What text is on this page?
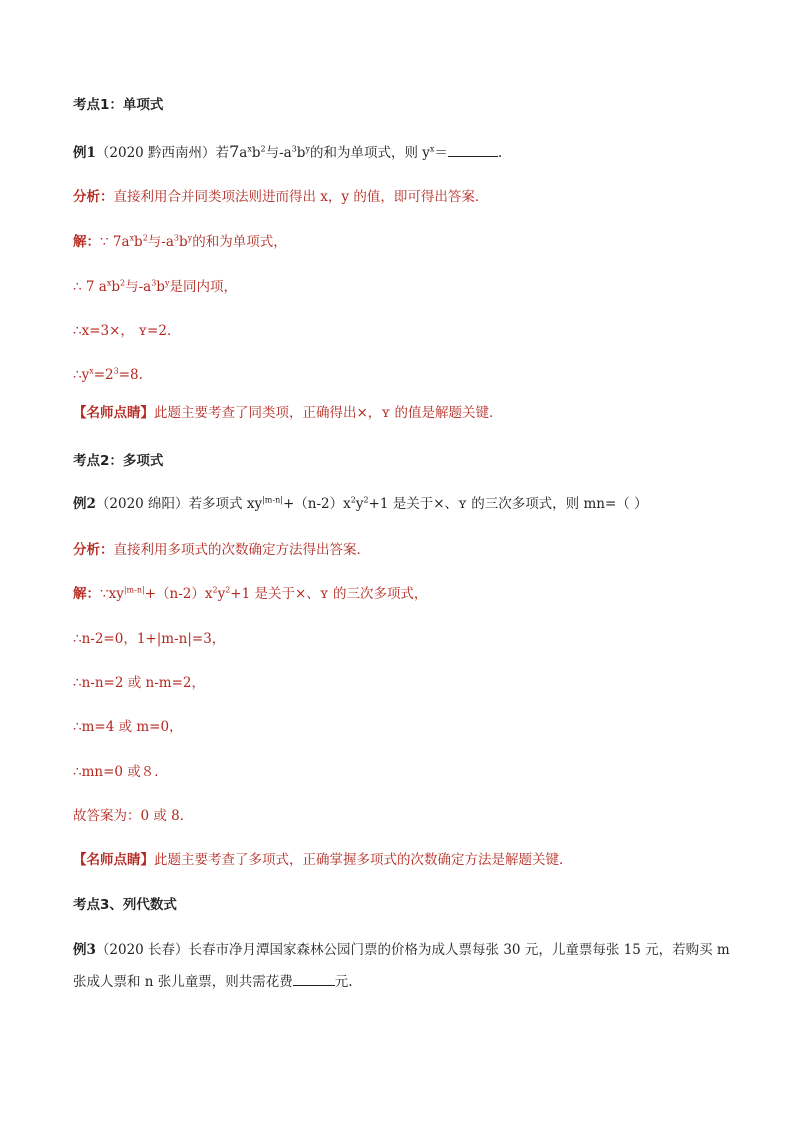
考点1：单项式
例1（2020 黔西南州）若$7a^xb^2$与$-a^3b^y$的和为单项式，则 $y^x=$	.
分析：直接利用合并同类项法则进而得出 x，y 的值，即可得出答案．
解：∵ $7a^xb^2$与$-a^3b^y$的和为单项式，
∴ 7 $a^xb^2$与$-a^3b^y$是同内项，
∴x=3×， ʏ=2．
$\therefore y^x=2^3=8$.
【名师点睛】此题主要考查了同类项，正确得出×，ʏ 的值是解题关键．
考点2：多项式
例2（2020 绵阳）若多项式 $xy^{|m-n|}+(n-2)x^2y^2+1$ 是关于×、ʏ 的三次多项式，则 mn=（ ）
分析：直接利用多项式的次数确定方法得出答案．
解：$\because xy^{|m-n|}+(n-2)x^2y^2+1$ 是关于×、ʏ 的三次多项式，
∴n-2=0，1+|m-n|=3，
∴n-n=2 或 n-m=2，
∴m=4 或 m=0，
∴mn=0 或８．
故答案为：0 或 8．
【名师点睛】此题主要考查了多项式，正确掌握多项式的次数确定方法是解题关键．
考点3、列代数式
例3（2020 长春）长春市净月潭国家森林公园门票的价格为成人票每张 30 元，儿童票每张 15 元，若购买 m
张成人票和 n 张儿童票，则共需花费	元.
